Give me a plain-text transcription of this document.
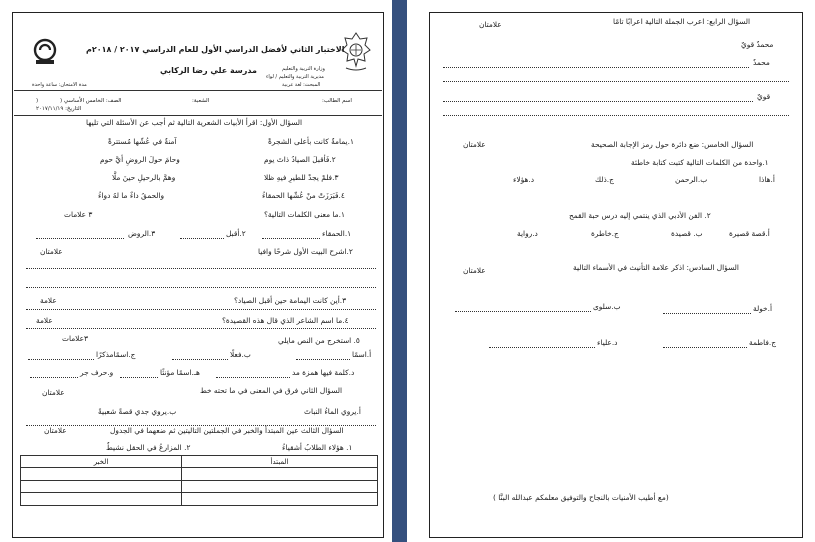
الاختبار الثاني لأفضل الدراسي الأول للعام الدراسي ٢٠١٧ / ٢٠١٨م
مدرسة علي رضا الركابي	وزارة التربية والتعليم
مديرية التربية والتعليم / لواء
المبحث: لغة عربية
مدة الامتحان: ساعة واحدة
اسم الطالب:
الشعبة:
الصف: الخامس الأساسي (
)
التاريخ: ٢٠١٧/١١/١٩
السؤال الأول: اقرأ الأبيات الشعرية التالية ثم أجب عن الأسئلة التي تليها
١.يمامةٌ كانت بأعلى الشجرةْ
آمنةٌ في عُشّها مُستترةْ
٢.فَأقبلَ الصيادُ ذاتَ يوم
وحامَ حولَ الروضِ أيَّ حوم
٣.فلمْ يجدْ للطيرِ فيهِ ظلا
وهمَّ بالرحيلِ حينَ ملَّا
٤.فَبَرَزَتْ منْ عُشّها الحمقاءُ
والحمقُ داءٌ ما لهُ دواءُ
١.ما معنى الكلمات التالية؟
٣ علامات
١.الحمقاء
٢.أقبل
٣.الروض
٢.اشرح البيت الأول شرحًا وافيا
علامتان
٣.أين كانت اليمامة حين أقبل الصياد؟
علامة
٤.ما اسم الشاعر الذي قال هذه القصيدة؟
علامة
٥. استخرج من النص مايلي
٣علامات
أ.اسمًا
ب.فعلًا
ج.اسمًامذكرًا
د.كلمة فيها همزة مد
هـ.اسمًا مؤنثًا
و.حرف جر
السؤال الثاني فرق في المعنى في ما تحته خط
علامتان
أ.يروي الماءُ النباتَ
ب.يروي جدي قصةً شعبيةً
السؤال الثالث عين المبتدأ والخبر في الجملتين التاليتين ثم ضعهما في الجدول
علامتان
١. هؤلاء الطلابُ أشقياءُ
٢. المزارعُ في الحقل نشيطٌ
الخبر	المبتدأ

السؤال الرابع: اعرب الجملة التالية اعرابًا تامًا
علامتان
محمدٌ قويٌ
محمدٌ
قويٌ
السؤال الخامس: ضع دائرة حول رمز الإجابة الصحيحة
علامتان
١.واحدة من الكلمات التالية كتبت كتابة خاطئة
أ.هاذا
ب.الرحمن
ج.ذلك
د.هؤلاء
٢. الفن الأدبي الذي ينتمي إليه درس حبة القمح
أ.قصة قصيرة
ب. قصيدة
ج.خاطرة
د.رواية
السؤال السادس: اذكر علامة التأنيث في الأسماء التالية
علامتان
أ.خولة
ب.سلوى
ج.فاطمة
د.علياء
(مع أطيب الأمنيات بالنجاح والتوفيق معلمكم عبدالله البنَّا )
